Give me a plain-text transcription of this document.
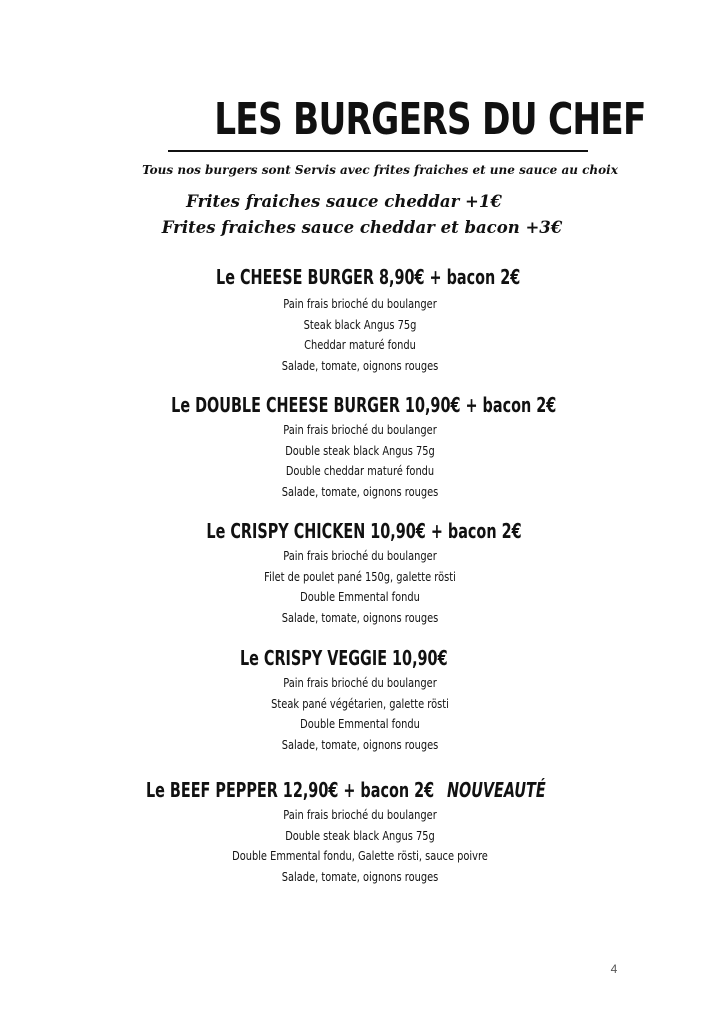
LES BURGERS DU CHEF
Tous nos burgers sont Servis avec frites fraiches et une sauce au choix
Frites fraiches sauce cheddar +1€
Frites fraiches sauce cheddar et bacon +3€
Le CHEESE BURGER 8,90€ + bacon 2€
Pain frais brioché du boulanger
Steak black Angus 75g
Cheddar maturé fondu
Salade, tomate, oignons rouges
Le DOUBLE CHEESE BURGER 10,90€ + bacon 2€
Pain frais brioché du boulanger
Double steak black Angus 75g
Double cheddar maturé fondu
Salade, tomate, oignons rouges
Le CRISPY CHICKEN 10,90€ + bacon 2€
Pain frais brioché du boulanger
Filet de poulet pané 150g, galette rösti
Double Emmental fondu
Salade, tomate, oignons rouges
Le CRISPY VEGGIE 10,90€
Pain frais brioché du boulanger
Steak pané végétarien, galette rösti
Double Emmental fondu
Salade, tomate, oignons rouges
Le BEEF PEPPER 12,90€ + bacon 2€ NOUVEAUTÉ
Pain frais brioché du boulanger
Double steak black Angus 75g
Double Emmental fondu, Galette rösti, sauce poivre
Salade, tomate, oignons rouges
4
